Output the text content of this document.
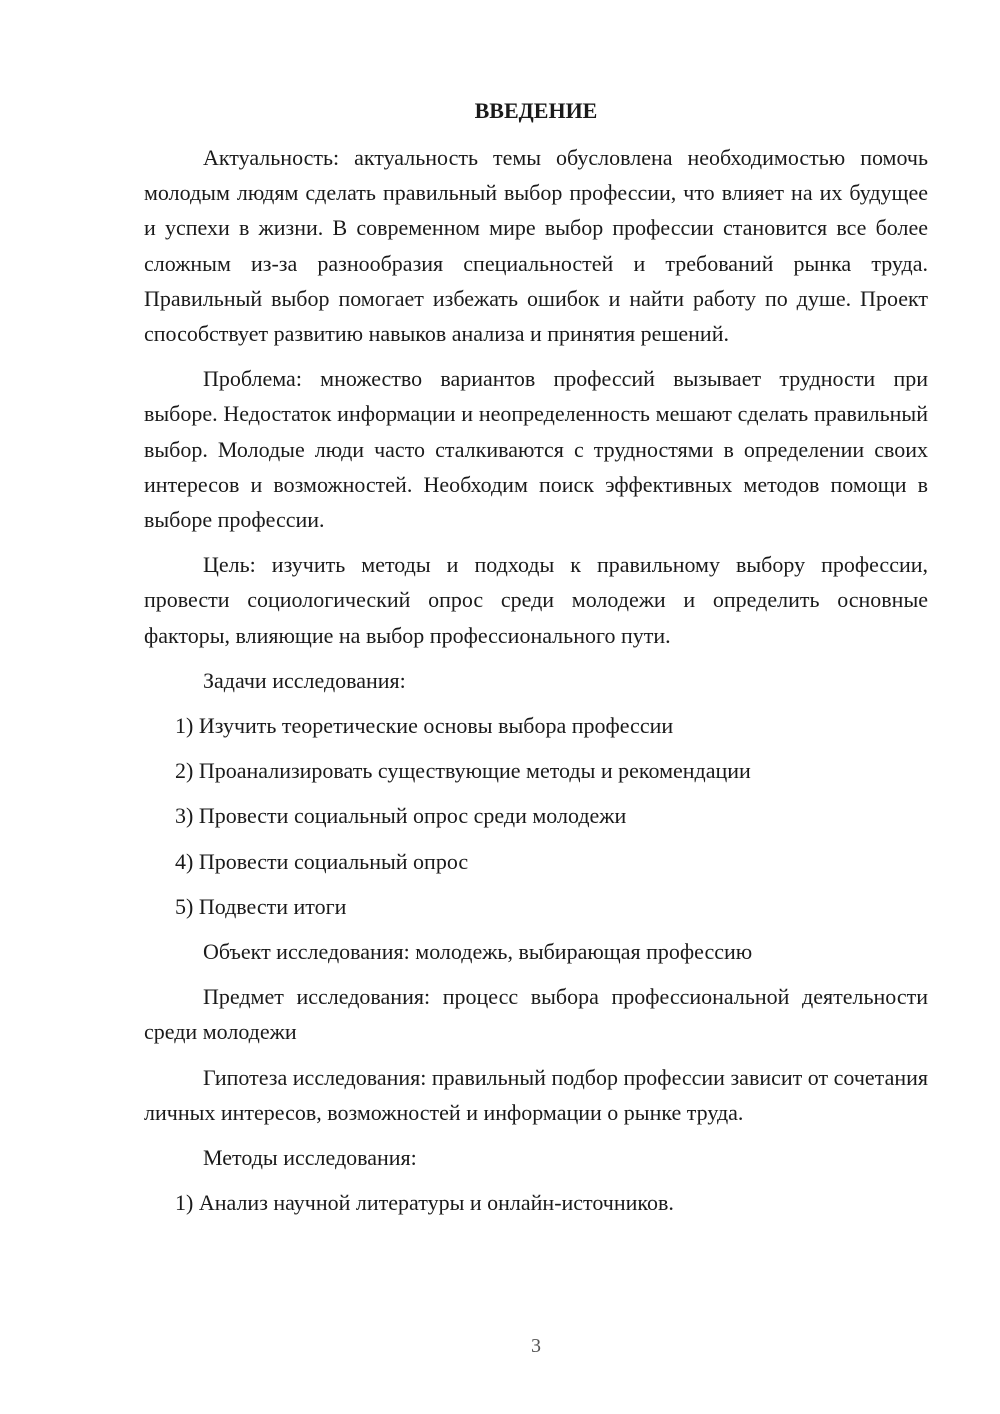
ВВЕДЕНИЕ

Актуальность: актуальность темы обусловлена необходимостью помочь молодым людям сделать правильный выбор профессии, что влияет на их будущее и успехи в жизни. В современном мире выбор профессии становится все более сложным из-за разнообразия специальностей и требований рынка труда. Правильный выбор помогает избежать ошибок и найти работу по душе. Проект способствует развитию навыков анализа и принятия решений.

Проблема: множество вариантов профессий вызывает трудности при выборе. Недостаток информации и неопределенность мешают сделать правильный выбор. Молодые люди часто сталкиваются с трудностями в определении своих интересов и возможностей. Необходим поиск эффективных методов помощи в выборе профессии.

Цель: изучить методы и подходы к правильному выбору профессии, провести социологический опрос среди молодежи и определить основные факторы, влияющие на выбор профессионального пути.

Задачи исследования:

1) Изучить теоретические основы выбора профессии

2) Проанализировать существующие методы и рекомендации

3) Провести социальный опрос среди молодежи

4) Провести социальный опрос

5) Подвести итоги

Объект исследования: молодежь, выбирающая профессию

Предмет исследования: процесс выбора профессиональной деятельности среди молодежи

Гипотеза исследования: правильный подбор профессии зависит от сочетания личных интересов, возможностей и информации о рынке труда.

Методы исследования:

1) Анализ научной литературы и онлайн-источников.

3
